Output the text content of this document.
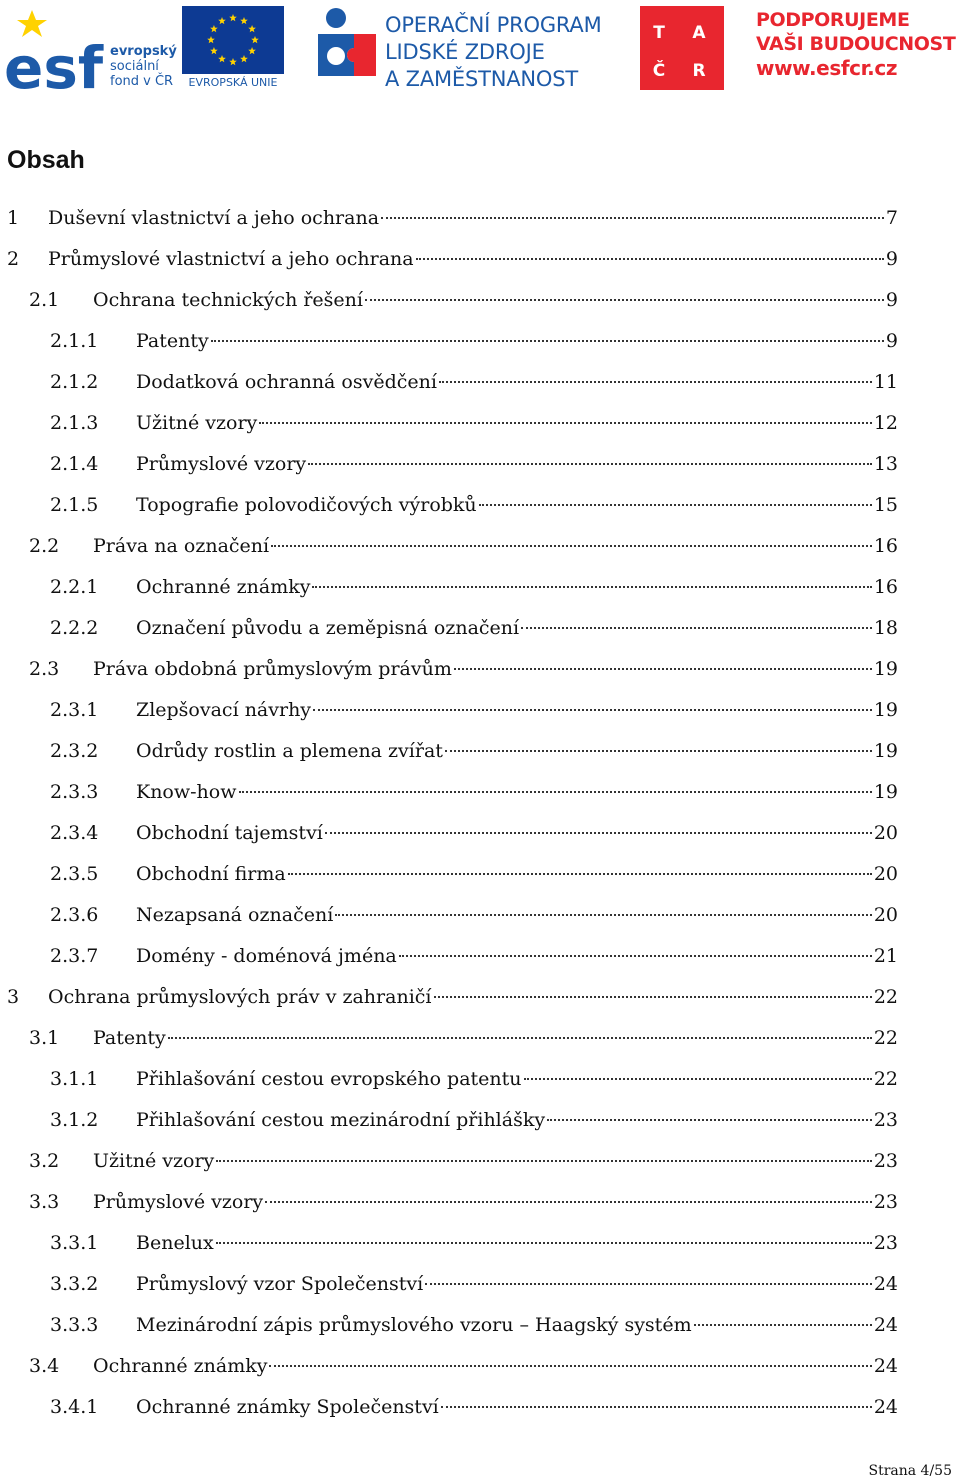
esf evropský
sociální
fond v ČR	EVROPSKÁ UNIE
OPERAČNÍ PROGRAM
LIDSKÉ ZDROJE
A ZAMĚSTNANOST
T A
Č R
PODPORUJEME
VAŠI BUDOUCNOST
www.esfcr.cz
Obsah
1 Duševní vlastnictví a jeho ochrana	7
2 Průmyslové vlastnictví a jeho ochrana	9
2.1 Ochrana technických řešení	9
2.1.1 Patenty	9
2.1.2 Dodatková ochranná osvědčení	11
2.1.3 Užitné vzory	12
2.1.4 Průmyslové vzory	13
2.1.5 Topografie polovodičových výrobků	15
2.2 Práva na označení	16
2.2.1 Ochranné známky	16
2.2.2 Označení původu a zeměpisná označení	18
2.3 Práva obdobná průmyslovým právům	19
2.3.1 Zlepšovací návrhy	19
2.3.2 Odrůdy rostlin a plemena zvířat	19
2.3.3 Know-how	19
2.3.4 Obchodní tajemství	20
2.3.5 Obchodní firma	20
2.3.6 Nezapsaná označení	20
2.3.7 Domény - doménová jména	21
3 Ochrana průmyslových práv v zahraničí	22
3.1 Patenty	22
3.1.1 Přihlašování cestou evropského patentu	22
3.1.2 Přihlašování cestou mezinárodní přihlášky	23
3.2 Užitné vzory	23
3.3 Průmyslové vzory	23
3.3.1 Benelux	23
3.3.2 Průmyslový vzor Společenství	24
3.3.3 Mezinárodní zápis průmyslového vzoru – Haagský systém	24
3.4 Ochranné známky	24
3.4.1 Ochranné známky Společenství	24
Strana 4/55
